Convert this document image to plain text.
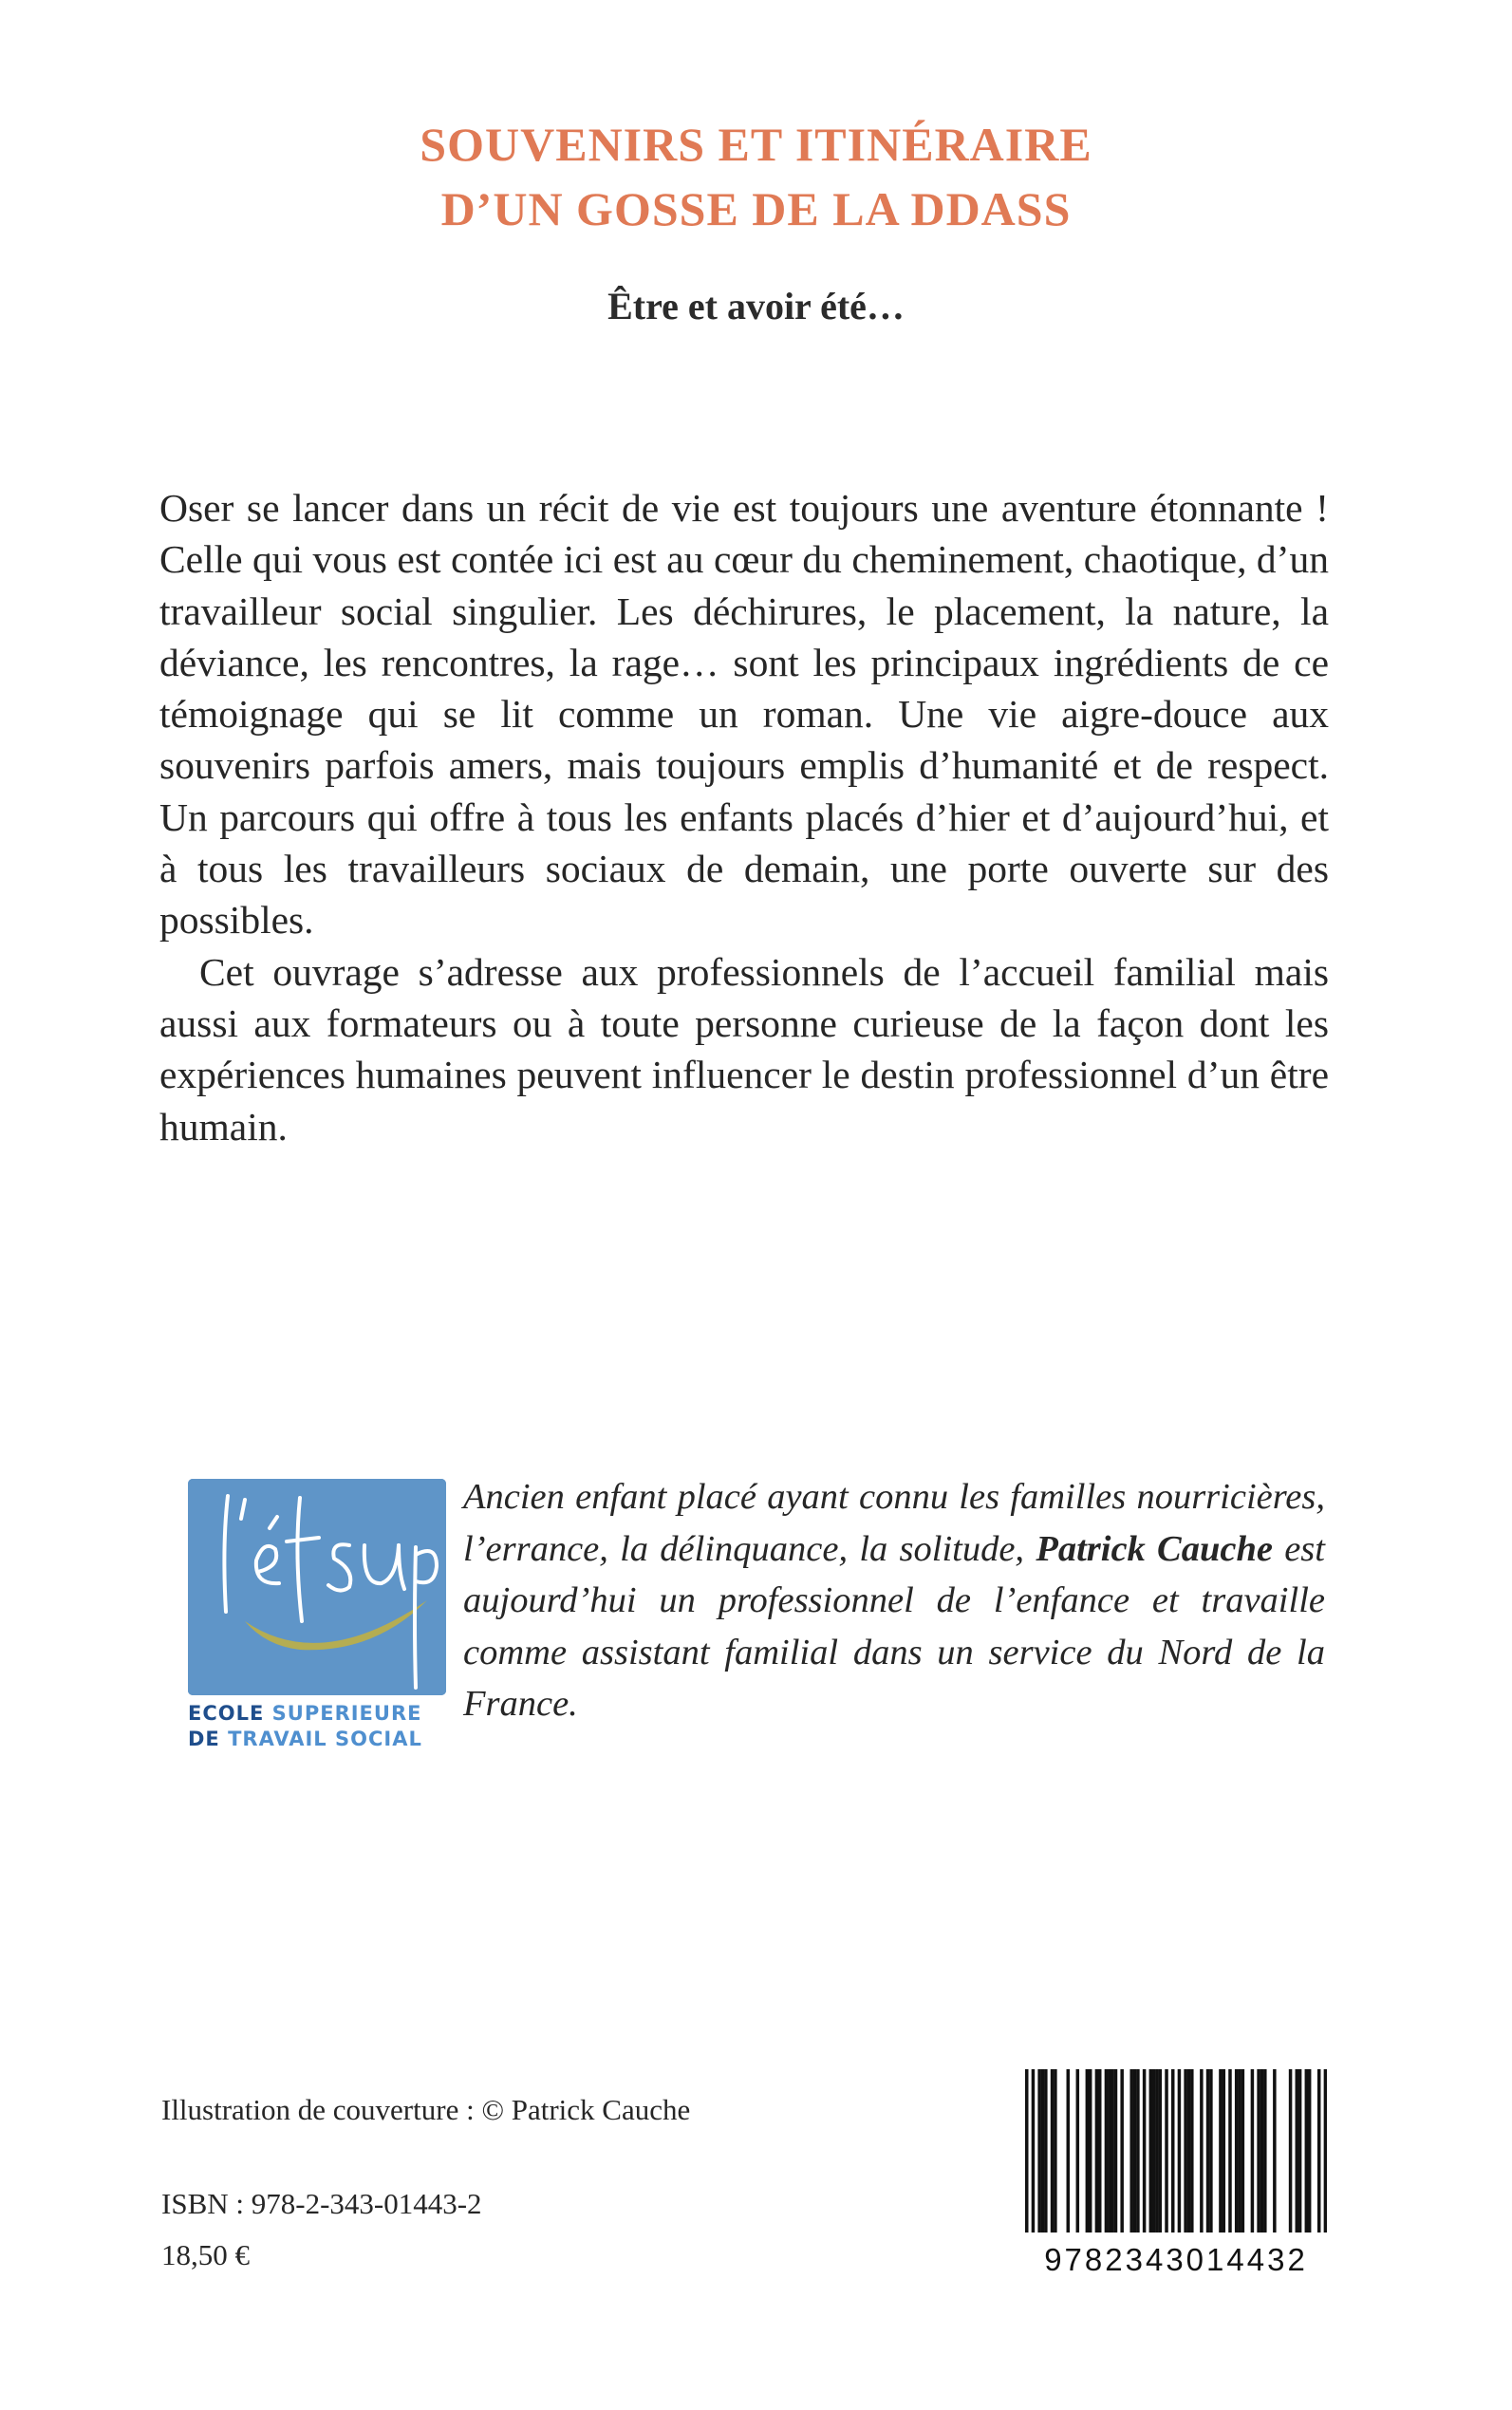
SOUVENIRS ET ITINÉRAIRE
D’UN GOSSE DE LA DDASS
Être et avoir été…

Oser se lancer dans un récit de vie est toujours une aventure étonnante ! Celle qui vous est contée ici est au cœur du cheminement, chaotique, d’un travailleur social singulier. Les déchirures, le placement, la nature, la déviance, les rencontres, la rage… sont les principaux ingrédients de ce témoignage qui se lit comme un roman. Une vie aigre-douce aux souvenirs parfois amers, mais toujours emplis d’humanité et de respect. Un parcours qui offre à tous les enfants placés d’hier et d’aujourd’hui, et à tous les travailleurs sociaux de demain, une porte ouverte sur des possibles.

Cet ouvrage s’adresse aux professionnels de l’accueil familial mais aussi aux formateurs ou à toute personne curieuse de la façon dont les expériences humaines peuvent influencer le destin professionnel d’un être humain.

ECOLE SUPERIEURE
DE TRAVAIL SOCIAL

Ancien enfant placé ayant connu les familles nourricières, l’errance, la délinquance, la solitude, Patrick Cauche est aujourd’hui un professionnel de l’enfance et travaille comme assistant familial dans un service du Nord de la France.

Illustration de couverture : © Patrick Cauche
ISBN : 978-2-343-01443-2
18,50 €	9782343014432
